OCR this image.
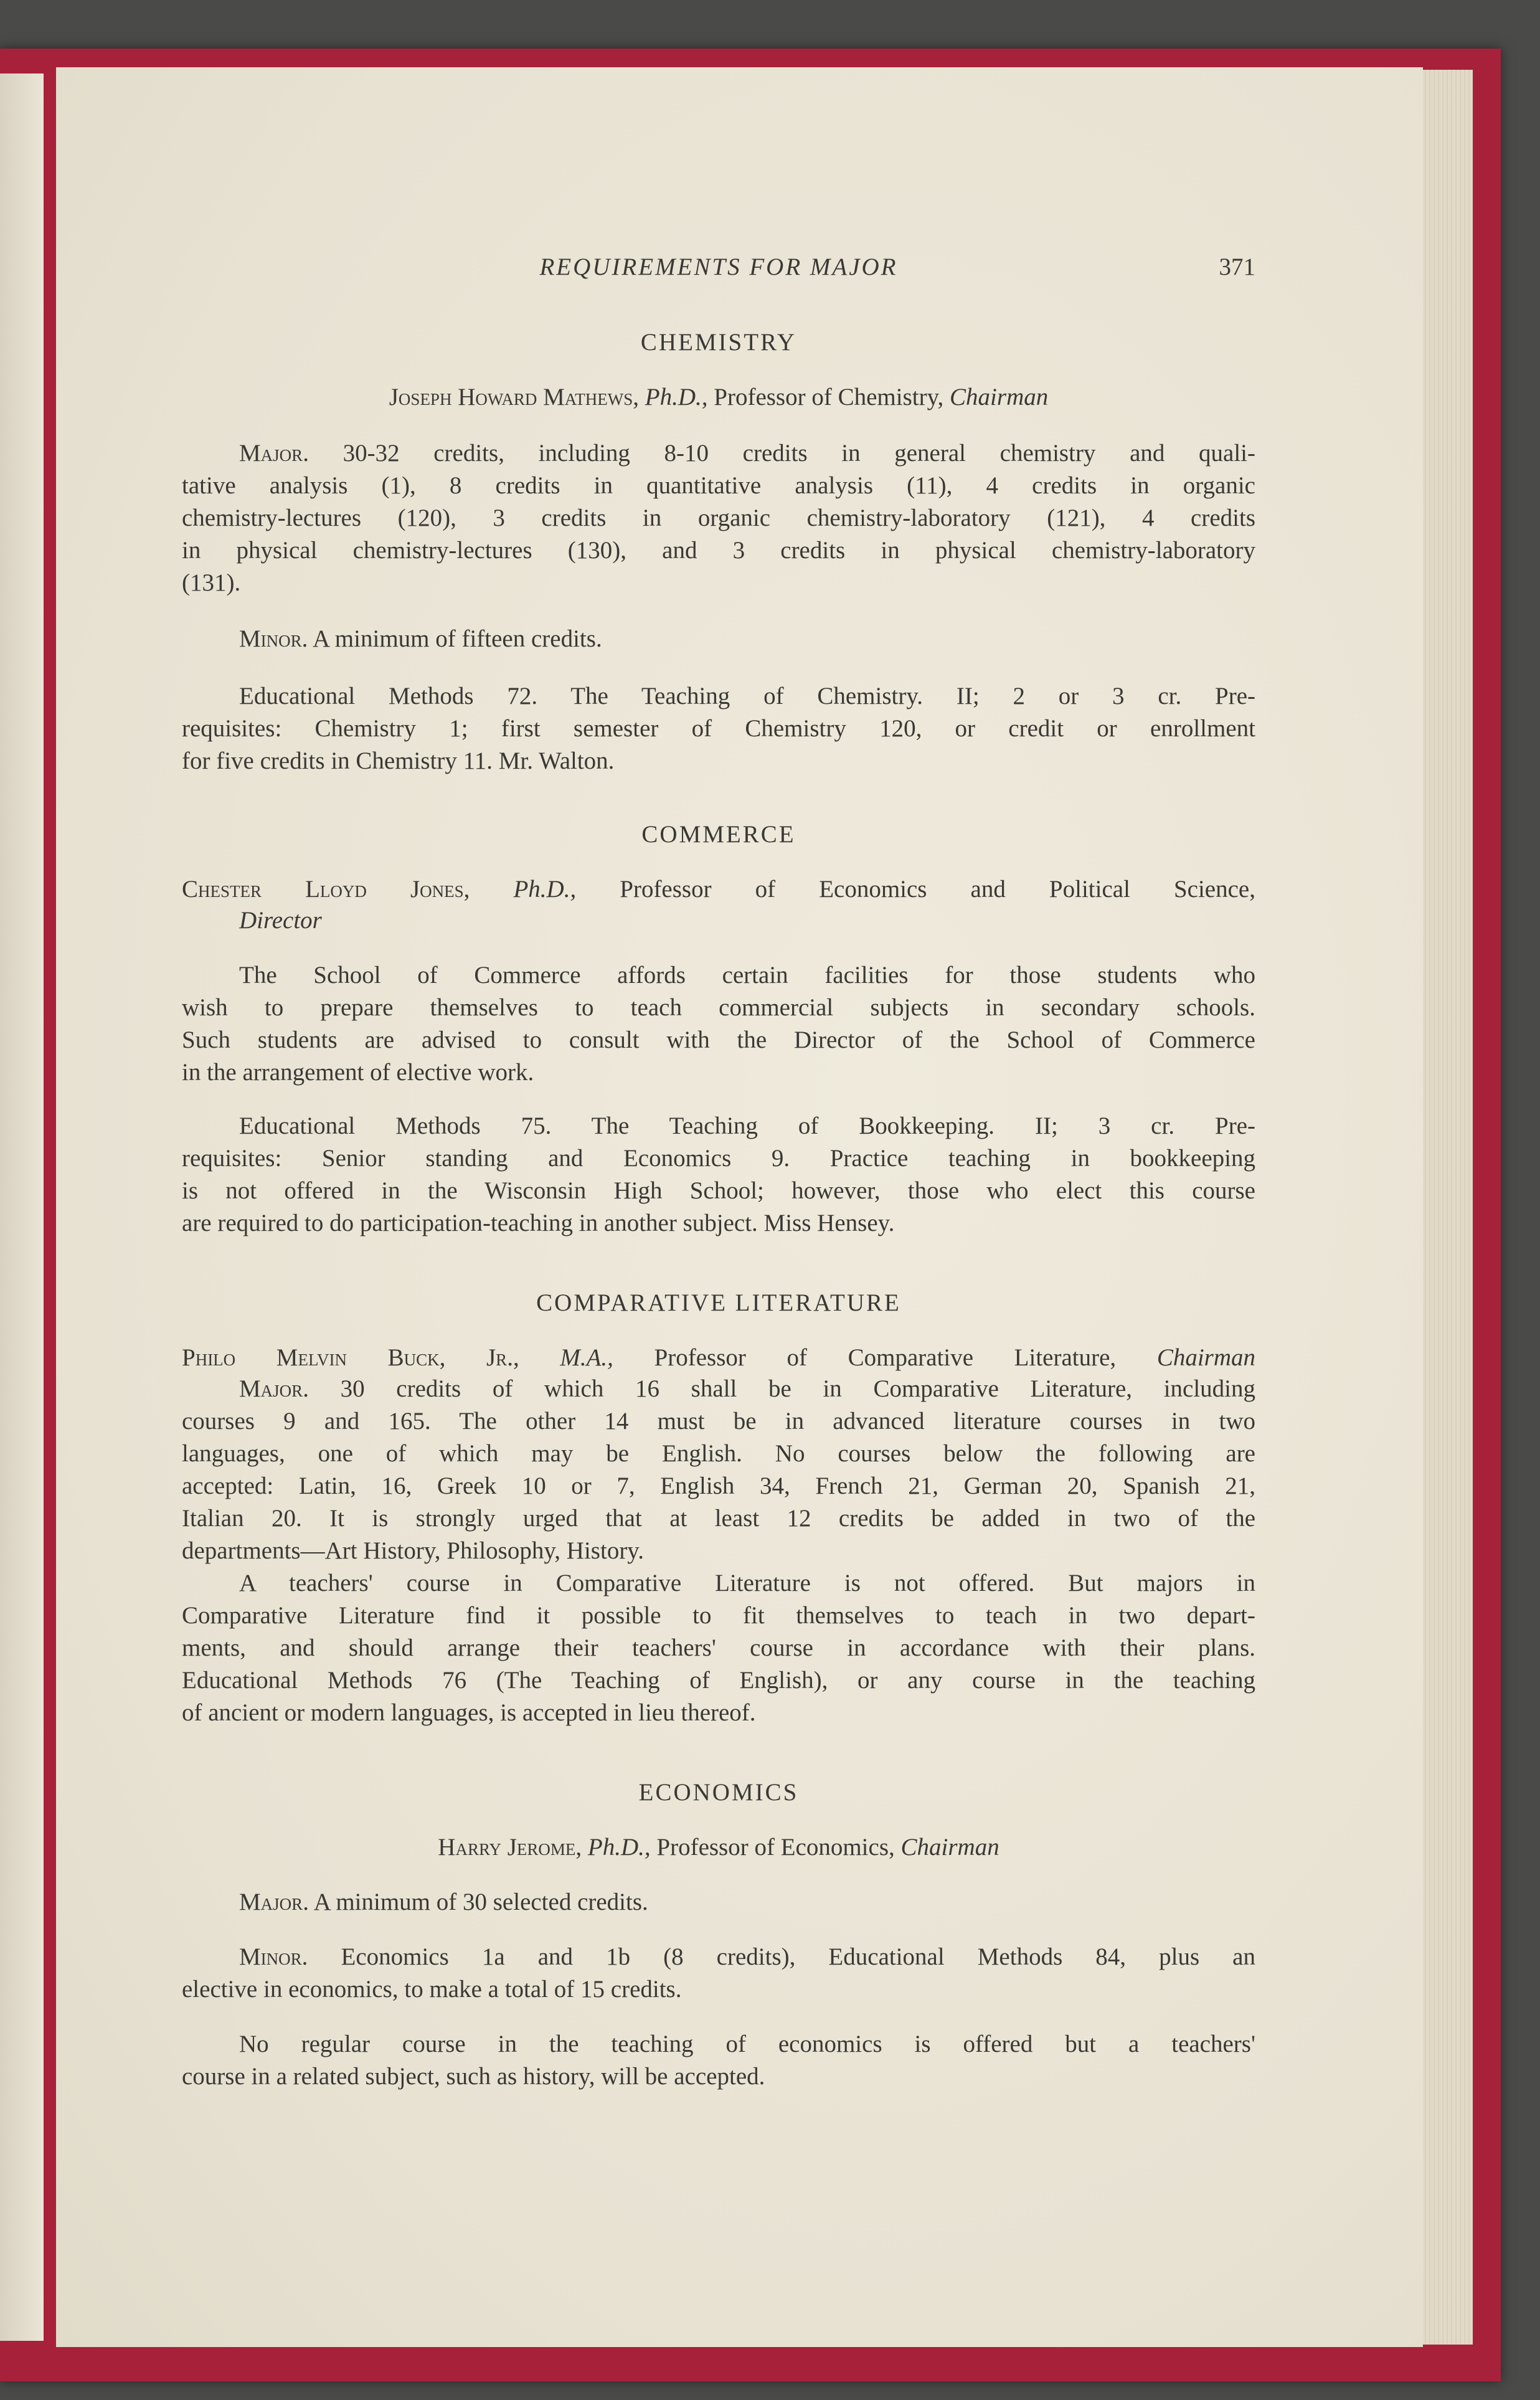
REQUIREMENTS FOR MAJOR	371

CHEMISTRY

Joseph Howard Mathews, Ph.D., Professor of Chemistry, Chairman

Major. 30-32 credits, including 8-10 credits in general chemistry and quali-

tative analysis (1), 8 credits in quantitative analysis (11), 4 credits in organic

chemistry-lectures (120), 3 credits in organic chemistry-laboratory (121), 4 credits

in physical chemistry-lectures (130), and 3 credits in physical chemistry-laboratory

(131).

Minor. A minimum of fifteen credits.

Educational Methods 72. The Teaching of Chemistry. II; 2 or 3 cr. Pre-

requisites: Chemistry 1; first semester of Chemistry 120, or credit or enrollment

for five credits in Chemistry 11. Mr. Walton.

COMMERCE

Chester Lloyd Jones, Ph.D., Professor of Economics and Political Science,

Director

The School of Commerce affords certain facilities for those students who

wish to prepare themselves to teach commercial subjects in secondary schools.

Such students are advised to consult with the Director of the School of Commerce

in the arrangement of elective work.

Educational Methods 75. The Teaching of Bookkeeping. II; 3 cr. Pre-

requisites: Senior standing and Economics 9. Practice teaching in bookkeeping

is not offered in the Wisconsin High School; however, those who elect this course

are required to do participation-teaching in another subject. Miss Hensey.

COMPARATIVE LITERATURE

Philo Melvin Buck, Jr., M.A., Professor of Comparative Literature, Chairman

Major. 30 credits of which 16 shall be in Comparative Literature, including

courses 9 and 165. The other 14 must be in advanced literature courses in two

languages, one of which may be English. No courses below the following are

accepted: Latin, 16, Greek 10 or 7, English 34, French 21, German 20, Spanish 21,

Italian 20. It is strongly urged that at least 12 credits be added in two of the

departments—Art History, Philosophy, History.

A teachers' course in Comparative Literature is not offered. But majors in

Comparative Literature find it possible to fit themselves to teach in two depart-

ments, and should arrange their teachers' course in accordance with their plans.

Educational Methods 76 (The Teaching of English), or any course in the teaching

of ancient or modern languages, is accepted in lieu thereof.

ECONOMICS

Harry Jerome, Ph.D., Professor of Economics, Chairman

Major. A minimum of 30 selected credits.

Minor. Economics 1a and 1b (8 credits), Educational Methods 84, plus an

elective in economics, to make a total of 15 credits.

No regular course in the teaching of economics is offered but a teachers'

course in a related subject, such as history, will be accepted.
